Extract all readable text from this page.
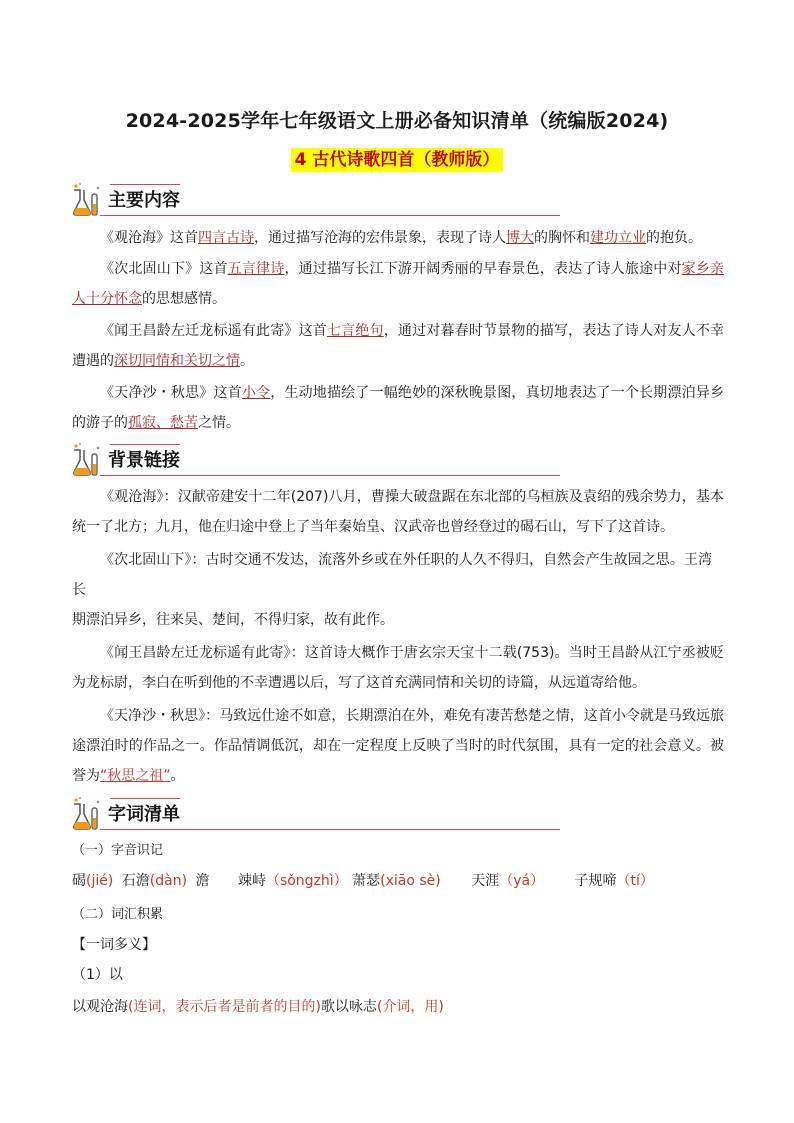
2024-2025学年七年级语文上册必备知识清单（统编版2024)
4 古代诗歌四首（教师版）
主要内容
《观沧海》这首四言古诗，通过描写沧海的宏伟景象，表现了诗人博大的胸怀和建功立业的抱负。
《次北固山下》这首五言律诗，通过描写长江下游开阔秀丽的早春景色，表达了诗人旅途中对家乡亲人十分怀念的思想感情。
《闻王昌龄左迁龙标遥有此寄》这首七言绝句，通过对暮春时节景物的描写，表达了诗人对友人不幸遭遇的深切同情和关切之情。
《天净沙・秋思》这首小令，生动地描绘了一幅绝妙的深秋晚景图，真切地表达了一个长期漂泊异乡的游子的孤寂、愁苦之情。
背景链接
《观沧海》：汉献帝建安十二年(207)八月，曹操大破盘踞在东北部的乌桓族及袁绍的残余势力，基本统一了北方；九月，他在归途中登上了当年秦始皇、汉武帝也曾经登过的碣石山，写下了这首诗。
《次北固山下》：古时交通不发达，流落外乡或在外任职的人久不得归，自然会产生故园之思。王湾长
期漂泊异乡，往来吴、楚间，不得归家，故有此作。
《闻王昌龄左迁龙标遥有此寄》：这首诗大概作于唐玄宗天宝十二载(753)。当时王昌龄从江宁丞被贬为龙标尉，李白在听到他的不幸遭遇以后，写了这首充满同情和关切的诗篇，从远道寄给他。
《天净沙・秋思》：马致远仕途不如意，长期漂泊在外，难免有凄苦愁楚之情，这首小令就是马致远旅途漂泊时的作品之一。作品情调低沉，却在一定程度上反映了当时的时代氛围，具有一定的社会意义。被誉为“秋思之祖”。
字词清单
（一）字音识记
碣(jié) 石澹(dàn) 澹 竦峙（sǒngzhì） 萧瑟(xiāo sè) 天涯（yá） 子规啼（tí）
（二）词汇积累
【一词多义】
（1）以
以观沧海(连词，表示后者是前者的目的)歌以咏志(介词，用)
